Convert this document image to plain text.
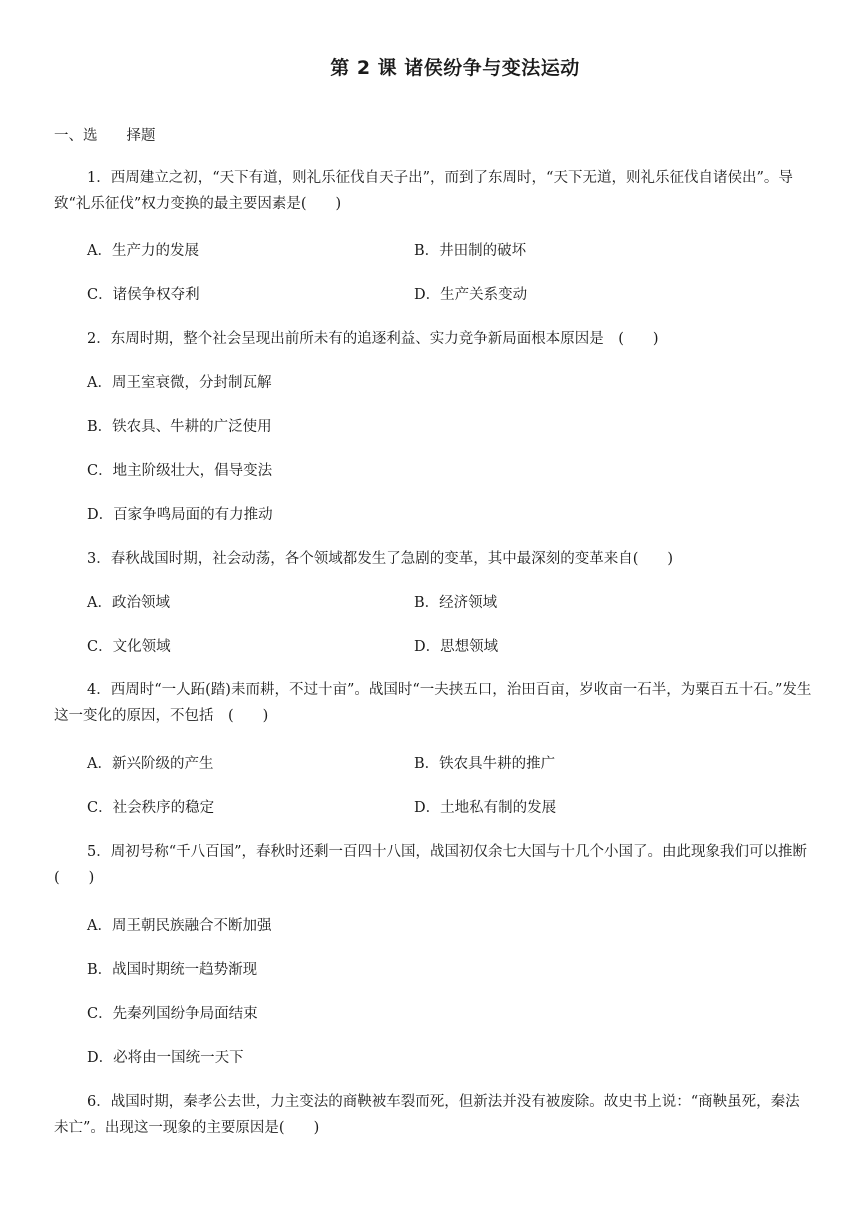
第 2 课 诸侯纷争与变法运动
一、选　　择题

1．西周建立之初，“天下有道，则礼乐征伐自天子出”，而到了东周时，“天下无道，则礼乐征伐自诸侯出”。导致“礼乐征伐”权力变换的最主要因素是(　　)

A．生产力的发展	B．井田制的破坏
C．诸侯争权夺利	D．生产关系变动

2．东周时期，整个社会呈现出前所未有的追逐利益、实力竞争新局面根本原因是　(　　)

A．周王室衰微，分封制瓦解
B．铁农具、牛耕的广泛使用
C．地主阶级壮大，倡导变法
D．百家争鸣局面的有力推动

3．春秋战国时期，社会动荡，各个领域都发生了急剧的变革，其中最深刻的变革来自(　　)

A．政治领域	B．经济领域
C．文化领域	D．思想领域

4．西周时“一人跖(踏)耒而耕，不过十亩”。战国时“一夫挟五口，治田百亩，岁收亩一石半，为粟百五十石。”发生这一变化的原因，不包括　(　　)

A．新兴阶级的产生	B．铁农具牛耕的推广
C．社会秩序的稳定	D．土地私有制的发展

5．周初号称“千八百国”，春秋时还剩一百四十八国，战国初仅余七大国与十几个小国了。由此现象我们可以推断(　　)

A．周王朝民族融合不断加强
B．战国时期统一趋势渐现
C．先秦列国纷争局面结束
D．必将由一国统一天下

6．战国时期，秦孝公去世，力主变法的商鞅被车裂而死，但新法并没有被废除。故史书上说：“商鞅虽死，秦法未亡”。出现这一现象的主要原因是(　　)
